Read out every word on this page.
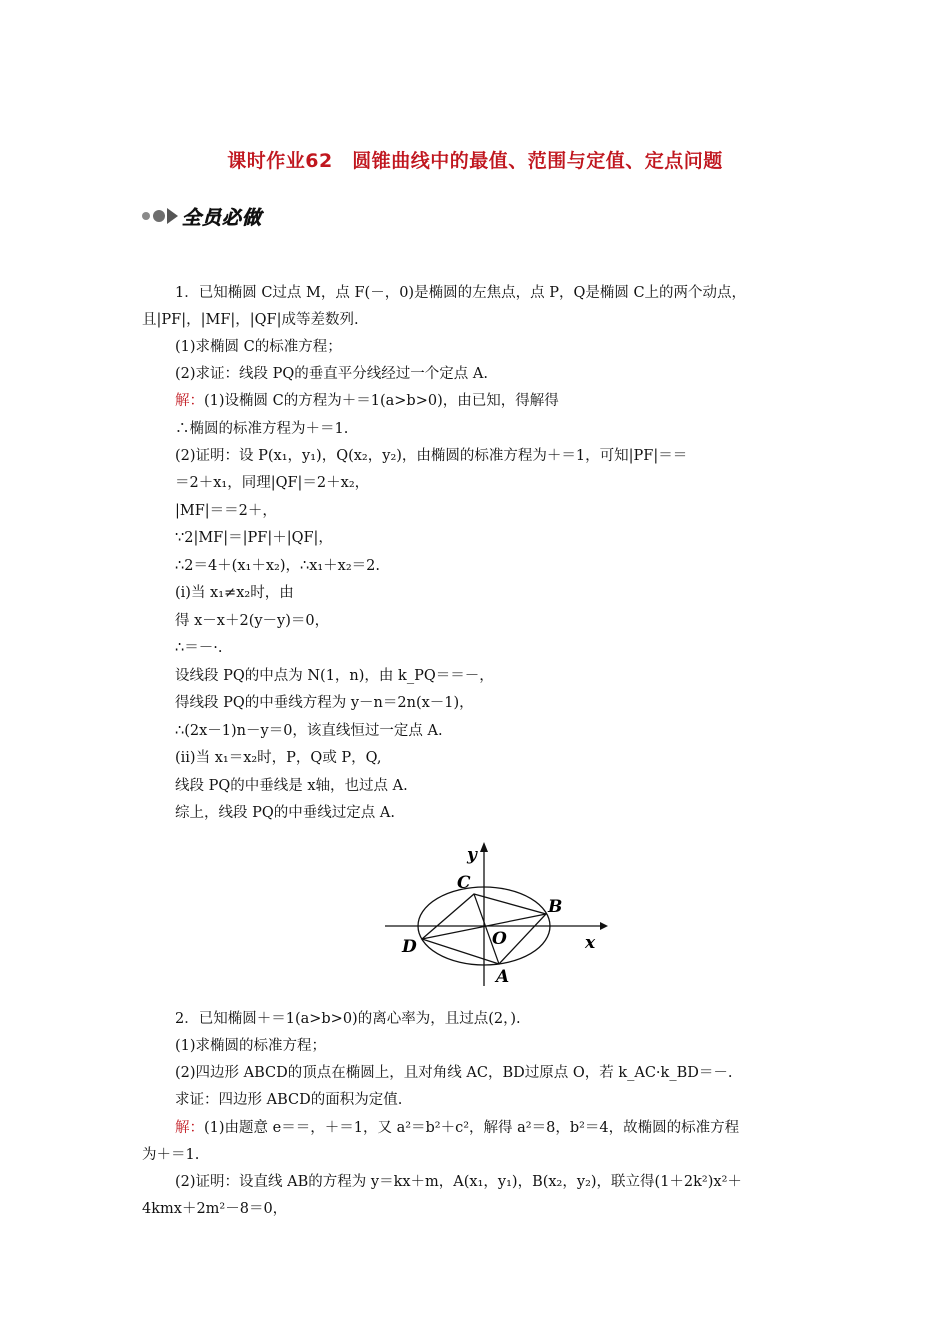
课时作业62　圆锥曲线中的最值、范围与定值、定点问题
全员必做
1．已知椭圆 C过点 M，点 F(－，0)是椭圆的左焦点，点 P，Q是椭圆 C上的两个动点，
且|PF|，|MF|，|QF|成等差数列.
(1)求椭圆 C的标准方程；
(2)求证：线段 PQ的垂直平分线经过一个定点 A.
解：(1)设椭圆 C的方程为＋＝1(a>b>0)，由已知，得解得
∴椭圆的标准方程为＋＝1.
(2)证明：设 P(x₁，y₁)，Q(x₂，y₂)，由椭圆的标准方程为＋＝1，可知|PF|＝＝
＝2＋x₁，同理|QF|＝2＋x₂，
|MF|＝＝2＋，
∵2|MF|＝|PF|＋|QF|，
∴2＝4＋(x₁＋x₂)，∴x₁＋x₂＝2.
(ⅰ)当 x₁≠x₂时，由
得 x－x＋2(y－y)＝0，
∴＝－·.
设线段 PQ的中点为 N(1，n)，由 k_PQ＝＝－，
得线段 PQ的中垂线方程为 y－n＝2n(x－1)，
∴(2x－1)n－y＝0，该直线恒过一定点 A.
(ⅱ)当 x₁＝x₂时，P，Q或 P，Q,
线段 PQ的中垂线是 x轴，也过点 A.
综上，线段 PQ的中垂线过定点 A.
y
C
B
D	O	x
A
2．已知椭圆＋＝1(a>b>0)的离心率为，且过点(2，).
(1)求椭圆的标准方程；
(2)四边形 ABCD的顶点在椭圆上，且对角线 AC，BD过原点 O，若 k_AC·k_BD＝－.
求证：四边形 ABCD的面积为定值.
解：(1)由题意 e＝＝，＋＝1，又 a²＝b²＋c²，解得 a²＝8，b²＝4，故椭圆的标准方程
为＋＝1.
(2)证明：设直线 AB的方程为 y＝kx＋m，A(x₁，y₁)，B(x₂，y₂)，联立得(1＋2k²)x²＋
4kmx＋2m²－8＝0，
